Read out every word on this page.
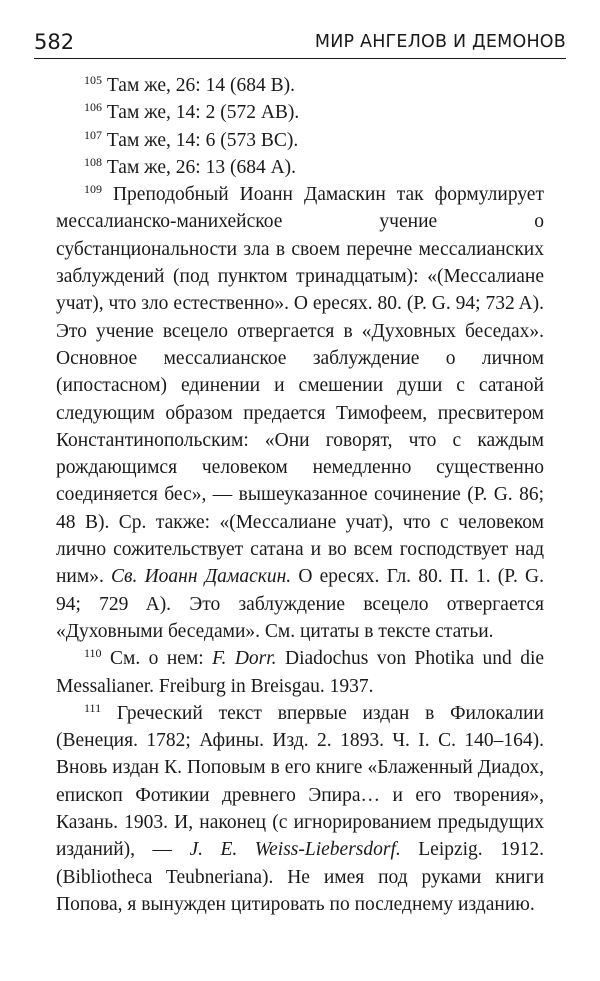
582	МИР АНГЕЛОВ И ДЕМОНОВ

$^{105}$ Там же, 26: 14 (684 B).

$^{106}$ Там же, 14: 2 (572 АВ).

$^{107}$ Там же, 14: 6 (573 ВС).

$^{108}$ Там же, 26: 13 (684 А).

$^{109}$ Преподобный Иоанн Дамаскин так формулирует мессалианско-манихейское учение о субстанциональности зла в своем перечне мессалианских заблуждений (под пунктом тринадцатым): «(Мессалиане учат), что зло естественно». О ересях. 80. (P. G. 94; 732 A). Это учение всецело отвергается в «Духовных беседах». Основное мессалианское заблуждение о личном (ипостасном) единении и смешении души с сатаной следующим образом предается Тимофеем, пресвитером Константинопольским: «Они говорят, что с каждым рождающимся человеком немедленно существенно соединяется бес», — вышеуказанное сочинение (P. G. 86; 48 B). Ср. также: «(Мессалиане учат), что с человеком лично сожительствует сатана и во всем господствует над ним». Св. Иоанн Дамаскин. О ересях. Гл. 80. П. 1. (P. G. 94; 729 A). Это заблуждение всецело отвергается «Духовными беседами». См. цитаты в тексте статьи.

$^{110}$ См. о нем: F. Dorr. Diadochus von Photika und die Messalianer. Freiburg in Breisgau. 1937.

$^{111}$ Греческий текст впервые издан в Филокалии (Венеция. 1782; Афины. Изд. 2. 1893. Ч. I. С. 140–164). Вновь издан К. Поповым в его книге «Блаженный Диадох, епископ Фотикии древнего Эпира… и его творения», Казань. 1903. И, наконец (с игнорированием предыдущих изданий), — J. E. Weiss-Liebersdorf. Leipzig. 1912. (Bibliotheca Teubneriana). Не имея под руками книги Попова, я вынужден цитировать по последнему изданию.
